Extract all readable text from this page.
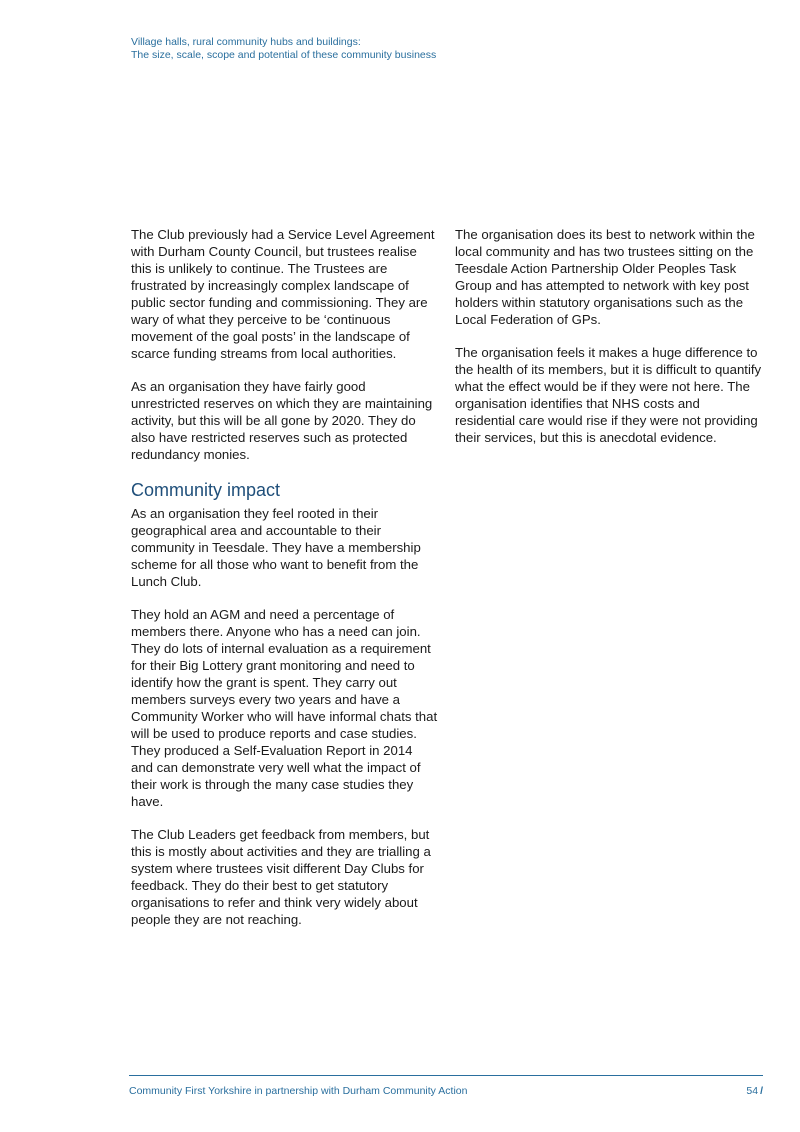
Village halls, rural community hubs and buildings:
The size, scale, scope and potential of these community business

The Club previously had a Service Level Agreement with Durham County Council, but trustees realise this is unlikely to continue. The Trustees are frustrated by increasingly complex landscape of public sector funding and commissioning. They are wary of what they perceive to be ‘continuous movement of the goal posts’ in the landscape of scarce funding streams from local authorities.

As an organisation they have fairly good unrestricted reserves on which they are maintaining activity, but this will be all gone by 2020. They do also have restricted reserves such as protected redundancy monies.

Community impact

As an organisation they feel rooted in their geographical area and accountable to their community in Teesdale. They have a membership scheme for all those who want to benefit from the Lunch Club.

They hold an AGM and need a percentage of members there. Anyone who has a need can join. They do lots of internal evaluation as a requirement for their Big Lottery grant monitoring and need to identify how the grant is spent. They carry out members surveys every two years and have a Community Worker who will have informal chats that will be used to produce reports and case studies. They produced a Self-Evaluation Report in 2014 and can demonstrate very well what the impact of their work is through the many case studies they have.

The Club Leaders get feedback from members, but this is mostly about activities and they are trialling a system where trustees visit different Day Clubs for feedback. They do their best to get statutory organisations to refer and think very widely about people they are not reaching.

The organisation does its best to network within the local community and has two trustees sitting on the Teesdale Action Partnership Older Peoples Task Group and has attempted to network with key post holders within statutory organisations such as the Local Federation of GPs.

The organisation feels it makes a huge difference to the health of its members, but it is difficult to quantify what the effect would be if they were not here. The organisation identifies that NHS costs and residential care would rise if they were not providing their services, but this is anecdotal evidence.

Community First Yorkshire in partnership with Durham Community Action	54 /
